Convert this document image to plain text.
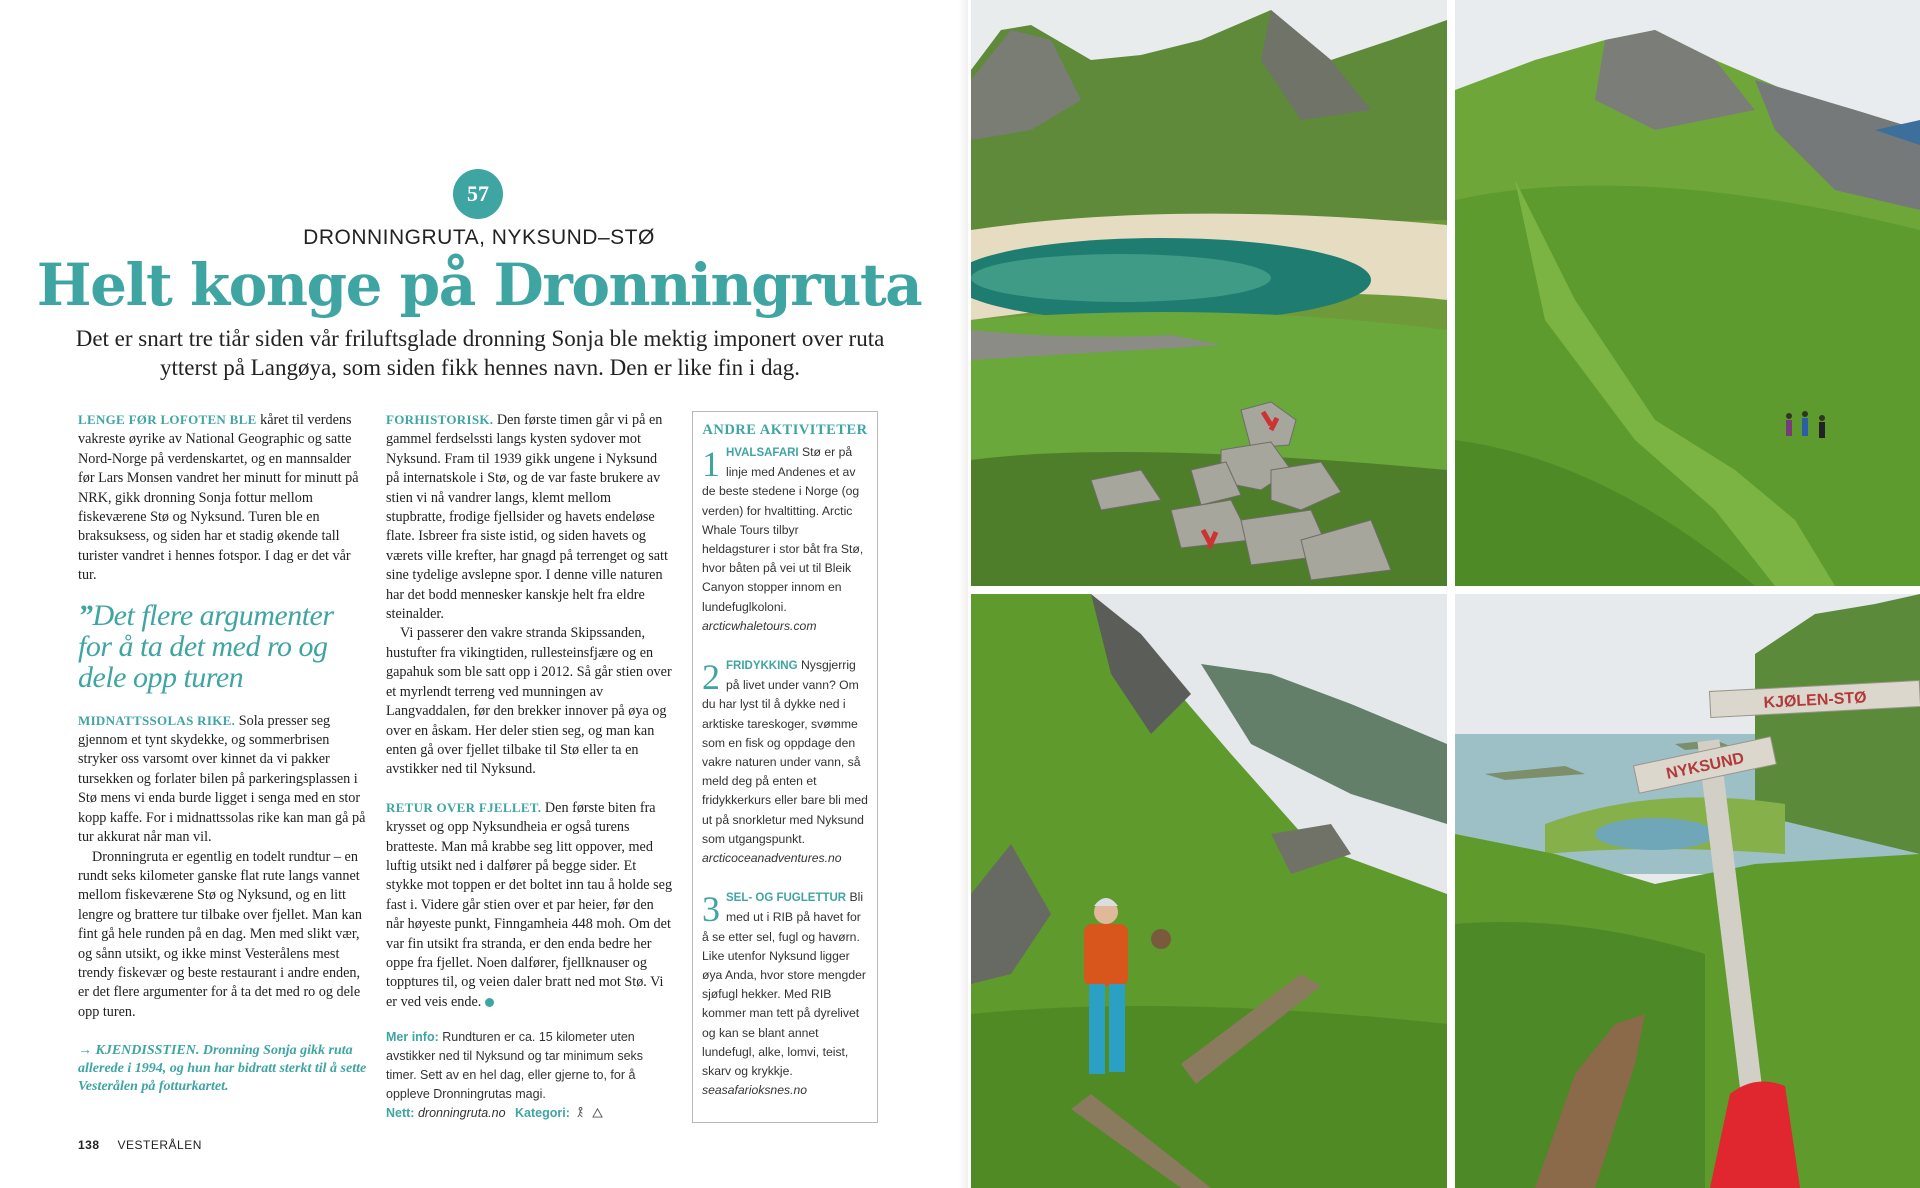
57
DRONNINGRUTA, NYKSUND–STØ
Helt konge på Dronningruta
Det er snart tre tiår siden vår friluftsglade dronning Sonja ble mektig imponert over ruta ytterst på Langøya, som siden fikk hennes navn. Den er like fin i dag.

LENGE FØR LOFOTEN BLE kåret til verdens vakreste øyrike av National Geographic og satte Nord-Norge på verdenskartet, og en mannsalder før Lars Monsen vandret her minutt for minutt på NRK, gikk dronning Sonja fottur mellom fiskeværene Stø og Nyksund. Turen ble en braksuksess, og siden har et stadig økende tall turister vandret i hennes fotspor. I dag er det vår tur.

”Det flere argumenter for å ta det med ro og dele opp turen

MIDNATTSSOLAS RIKE. Sola presser seg gjennom et tynt skydekke, og sommerbrisen stryker oss varsomt over kinnet da vi pakker tursekken og forlater bilen på parkeringsplassen i Stø mens vi enda burde ligget i senga med en stor kopp kaffe. For i midnattssolas rike kan man gå på tur akkurat når man vil.

Dronningruta er egentlig en todelt rundtur – en rundt seks kilometer ganske flat rute langs vannet mellom fiskeværene Stø og Nyksund, og en litt lengre og brattere tur tilbake over fjellet. Man kan fint gå hele runden på en dag. Men med slikt vær, og sånn utsikt, og ikke minst Vesterålens mest trendy fiskevær og beste restaurant i andre enden, er det flere argumenter for å ta det med ro og dele opp turen.

→ KJENDISSTIEN. Dronning Sonja gikk ruta allerede i 1994, og hun har bidratt sterkt til å sette Vesterålen på fotturkartet.

FORHISTORISK. Den første timen går vi på en gammel ferdselssti langs kysten sydover mot Nyksund. Fram til 1939 gikk ungene i Nyksund på internatskole i Stø, og de var faste brukere av stien vi nå vandrer langs, klemt mellom stupbratte, frodige fjellsider og havets endeløse flate. Isbreer fra siste istid, og siden havets og værets ville krefter, har gnagd på terrenget og satt sine tydelige avslepne spor. I denne ville naturen har det bodd mennesker kanskje helt fra eldre steinalder.

Vi passerer den vakre stranda Skipssanden, hustufter fra vikingtiden, rullesteinsfjære og en gapahuk som ble satt opp i 2012. Så går stien over et myrlendt terreng ved munningen av Langvaddalen, før den brekker innover på øya og over en åskam. Her deler stien seg, og man kan enten gå over fjellet tilbake til Stø eller ta en avstikker ned til Nyksund.

RETUR OVER FJELLET. Den første biten fra krysset og opp Nyksundheia er også turens bratteste. Man må krabbe seg litt oppover, med luftig utsikt ned i dalfører på begge sider. Et stykke mot toppen er det boltet inn tau å holde seg fast i. Videre går stien over et par heier, før den når høyeste punkt, Finngamheia 448 moh. Om det var fin utsikt fra stranda, er den enda bedre her oppe fra fjellet. Noen dalfører, fjellknauser og topptures til, og veien daler bratt ned mot Stø. Vi er ved veis ende.

Mer info: Rundturen er ca. 15 kilometer uten avstikker ned til Nyksund og tar minimum seks timer. Sett av en hel dag, eller gjerne to, for å oppleve Dronningrutas magi.
Nett: dronningruta.no Kategori:

ANDRE AKTIVITETER
1 HVALSAFARI Stø er på linje med Andenes et av de beste stedene i Norge (og verden) for hvaltitting. Arctic Whale Tours tilbyr heldagsturer i stor båt fra Stø, hvor båten på vei ut til Bleik Canyon stopper innom en lundefuglkoloni.
arcticwhaletours.com
2 FRIDYKKING Nysgjerrig på livet under vann? Om du har lyst til å dykke ned i arktiske tareskoger, svømme som en fisk og oppdage den vakre naturen under vann, så meld deg på enten et fridykkerkurs eller bare bli med ut på snorkletur med Nyksund som utgangspunkt.
arcticoceanadventures.no
3 SEL- OG FUGLETTUR Bli med ut i RIB på havet for å se etter sel, fugl og havørn. Like utenfor Nyksund ligger øya Anda, hvor store mengder sjøfugl hekker. Med RIB kommer man tett på dyrelivet og kan se blant annet lundefugl, alke, lomvi, teist, skarv og krykkje.
seasafarioksnes.no
138 VESTERÅLEN
KJØLEN-STØ
NYKSUND
